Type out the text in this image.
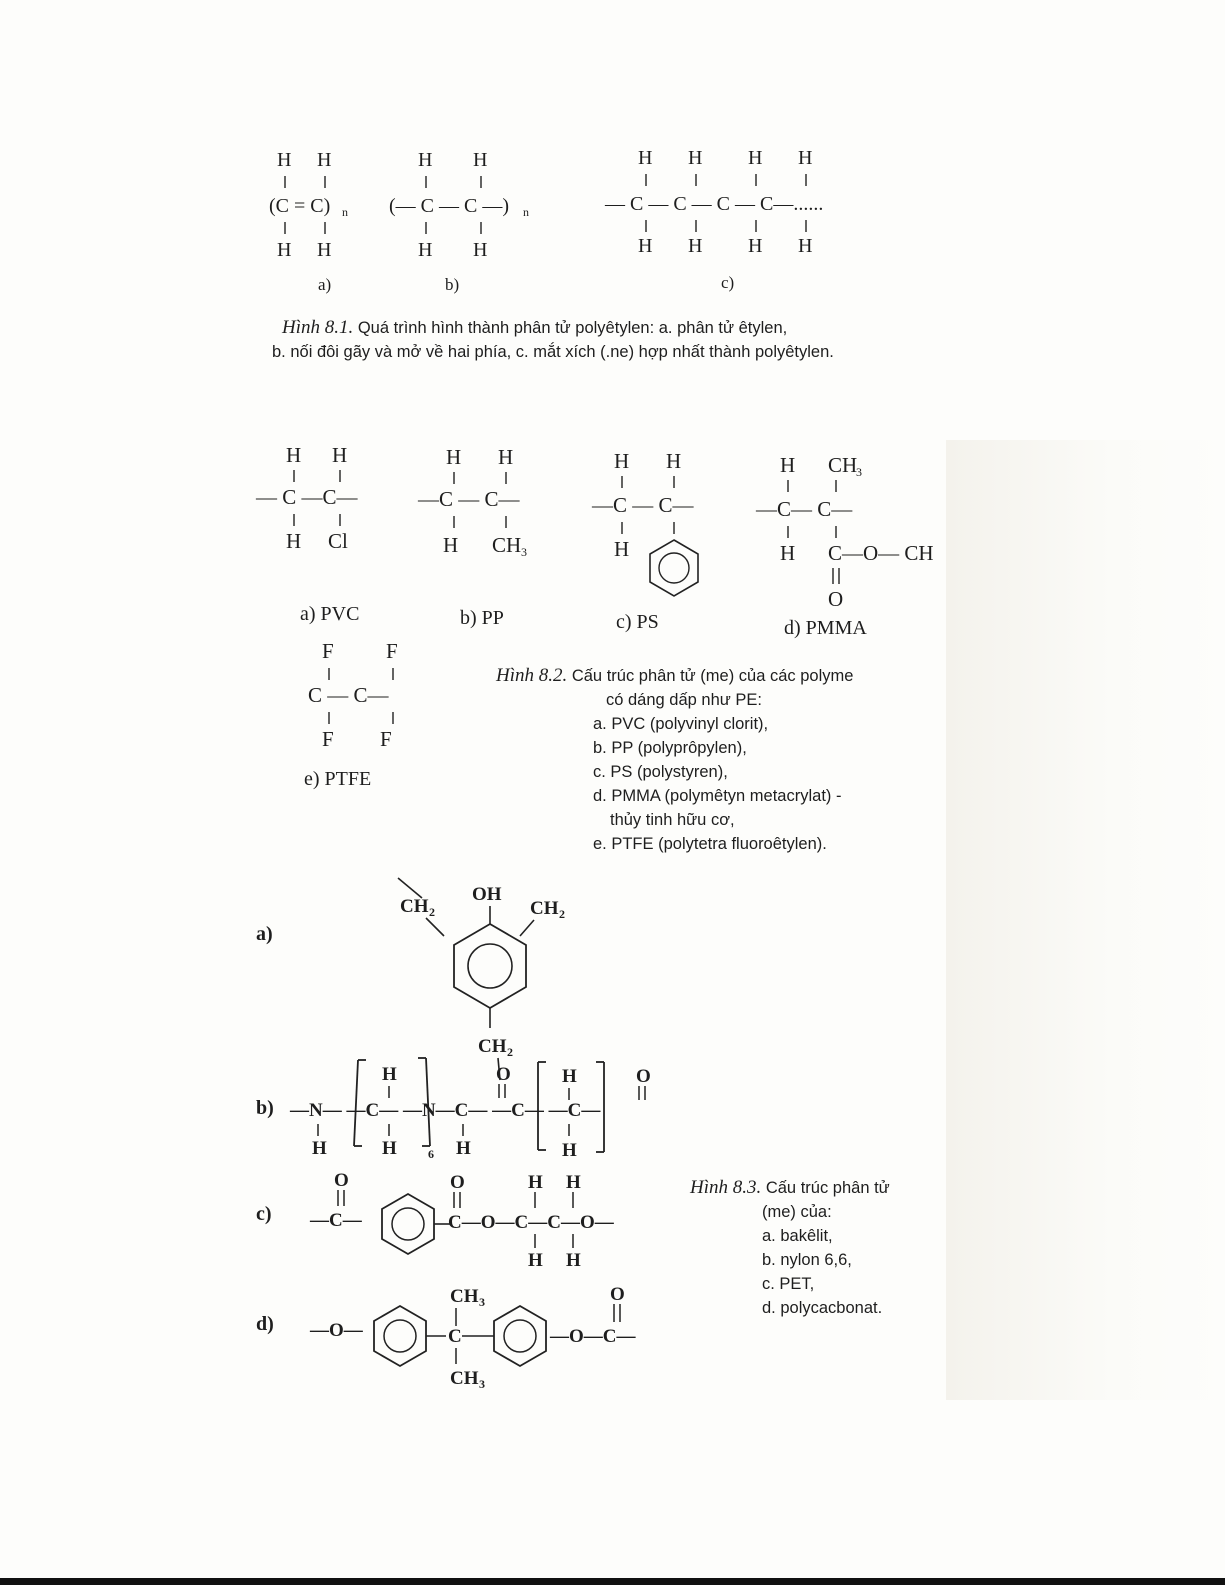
H H
(C = C) n
H H
H H
(— C — C —) n
H H
H H H H
— C — C — C — C—......
H H H H
a)	b)	c)
Hình 8.1. Quá trình hình thành phân tử polyêtylen: a. phân tử êtylen,
b. nối đôi gãy và mở về hai phía, c. mắt xích (.ne) hợp nhất thành polyêtylen.
H H
— C —C—
H Cl
H H
—C — C—
H CH 3
H H
—C — C—
H
H CH
3
—C— C—
H C—O— CH
O
F F
C — C—
F F
a) PVC	b) PP	c) PS	d) PMMA
e) PTFE
Hình 8.2. Cấu trúc phân tử (me) của các polyme
có dáng dấp như PE:
a. PVC (polyvinyl clorit),
b. PP (polyprôpylen),
c. PS (polystyren),
d. PMMA (polymêtyn metacrylat) -
thủy tinh hữu cơ,
e. PTFE (polytetra fluoroêtylen).
CH 2
OH
CH 2
CH 2
H
—N— —C— —N—C— —C— —C—
H	H	6 H
O	H
H
O
O
—C—
O
C—O—C—C—O—
H H
H H
—O—
CH 3
C
CH 3
—O—C—
O
a)
b)
c)
d)
Hình 8.3. Cấu trúc phân tử
(me) của:
a. bakêlit,
b. nylon 6,6,
c. PET,
d. polycacbonat.
